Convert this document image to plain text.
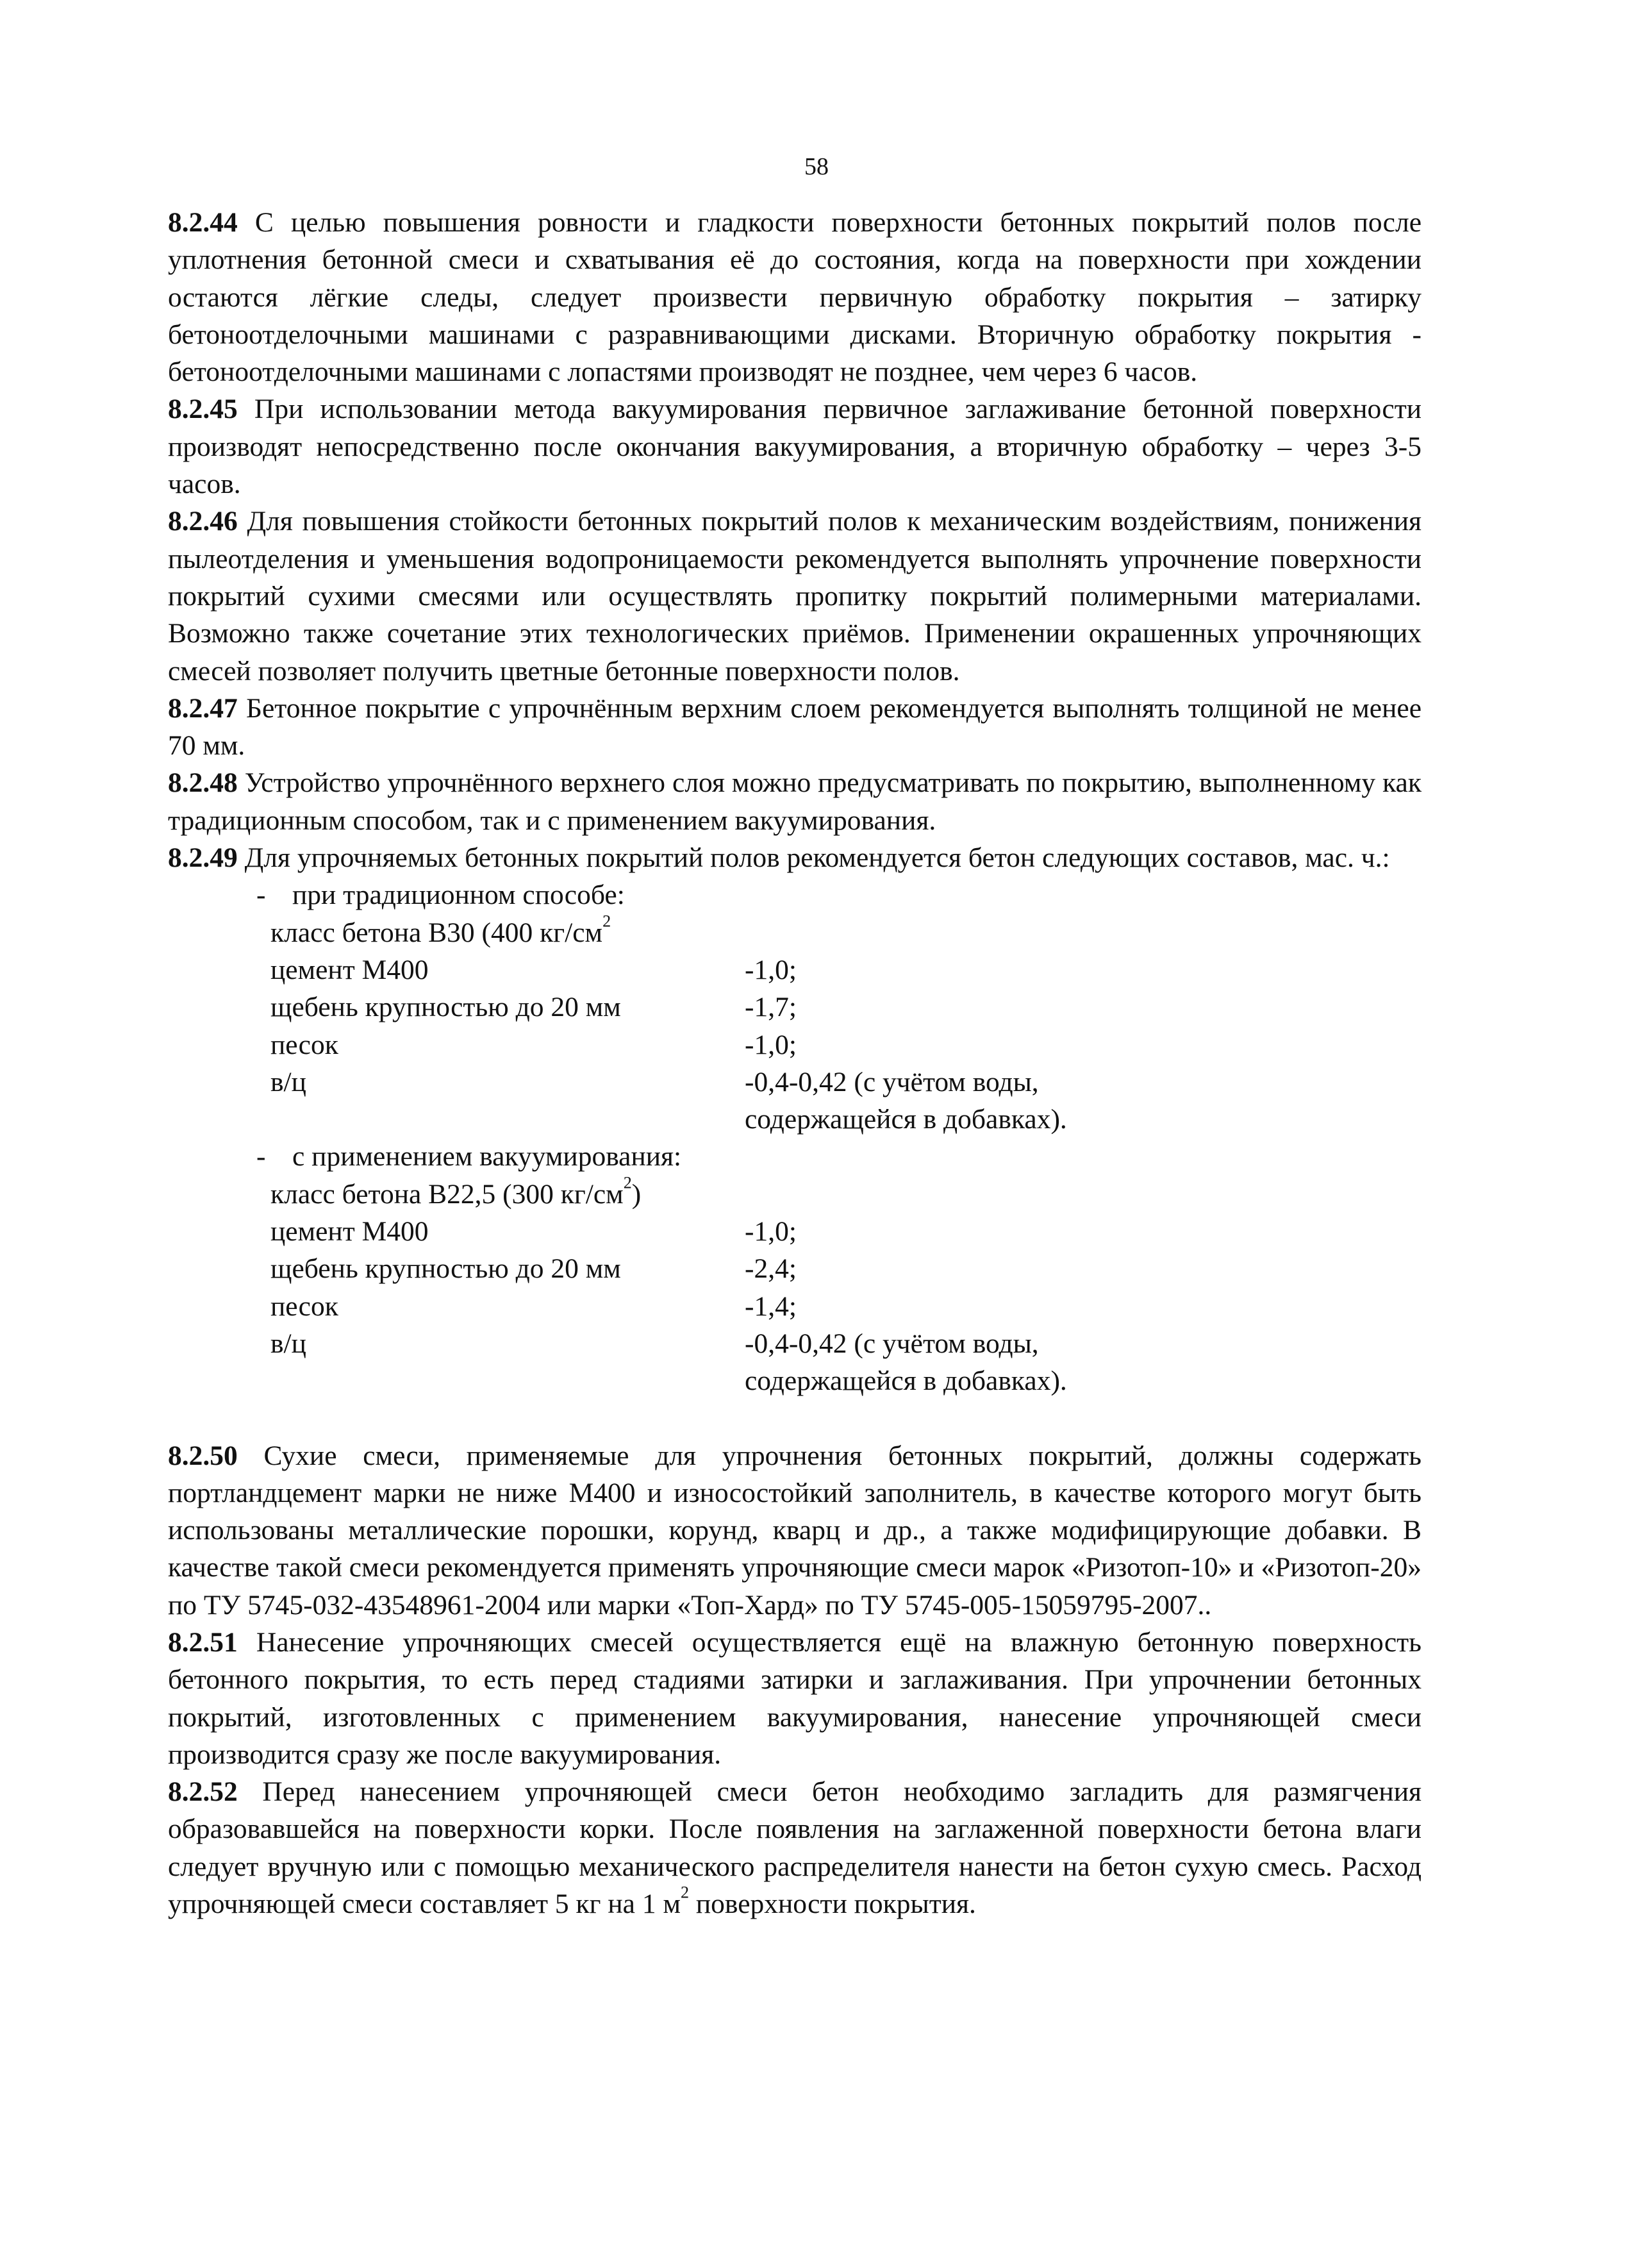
58

8.2.44 С целью повышения ровности и гладкости поверхности бетонных покрытий полов после уплотнения бетонной смеси и схватывания её до состояния, когда на поверхности при хождении остаются лёгкие следы, следует произвести первичную обработку покрытия – затирку бетоноотделочными машинами с разравнивающими дисками. Вторичную обработку покрытия - бетоноотделочными машинами с лопастями производят не позднее, чем через 6 часов.

8.2.45 При использовании метода вакуумирования первичное заглаживание бетонной поверхности производят непосредственно после окончания вакуумирования, а вторичную обработку – через 3-5 часов.

8.2.46 Для повышения стойкости бетонных покрытий полов к механическим воздействиям, понижения пылеотделения и уменьшения водопроницаемости рекомендуется выполнять упрочнение поверхности покрытий сухими смесями или осуществлять пропитку покрытий полимерными материалами. Возможно также сочетание этих технологических приёмов. Применении окрашенных упрочняющих смесей позволяет получить цветные бетонные поверхности полов.

8.2.47 Бетонное покрытие с упрочнённым верхним слоем рекомендуется выполнять толщиной не менее 70 мм.

8.2.48 Устройство упрочнённого верхнего слоя можно предусматривать по покрытию, выполненному как традиционным способом, так и с применением вакуумирования.

8.2.49 Для упрочняемых бетонных покрытий полов рекомендуется бетон следующих составов, мас. ч.:

- при традиционном способе:
класс бетона В30 (400 $кг/см^2$
цемент М400	-1,0;
щебень крупностью до 20 мм	-1,7;
песок	-1,0;
в/ц	-0,4-0,42 (с учётом воды,
содержащейся в добавках).
- с применением вакуумирования:
класс бетона В22,5 (300 $кг/см^2$)
цемент М400	-1,0;
щебень крупностью до 20 мм	-2,4;
песок	-1,4;
в/ц	-0,4-0,42 (с учётом воды,
содержащейся в добавках).

8.2.50 Сухие смеси, применяемые для упрочнения бетонных покрытий, должны содержать портландцемент марки не ниже М400 и износостойкий заполнитель, в качестве которого могут быть использованы металлические порошки, корунд, кварц и др., а также модифицирующие добавки. В качестве такой смеси рекомендуется применять упрочняющие смеси марок «Ризотоп-10» и «Ризотоп-20» по ТУ 5745-032-43548961-2004 или марки «Топ-Хард» по ТУ 5745-005-15059795-2007..

8.2.51 Нанесение упрочняющих смесей осуществляется ещё на влажную бетонную поверхность бетонного покрытия, то есть перед стадиями затирки и заглаживания. При упрочнении бетонных покрытий, изготовленных с применением вакуумирования, нанесение упрочняющей смеси производится сразу же после вакуумирования.

8.2.52 Перед нанесением упрочняющей смеси бетон необходимо загладить для размягчения образовавшейся на поверхности корки. После появления на заглаженной поверхности бетона влаги следует вручную или с помощью механического распределителя нанести на бетон сухую смесь. Расход упрочняющей смеси составляет 5 кг на 1 $м^2$ поверхности покрытия.
